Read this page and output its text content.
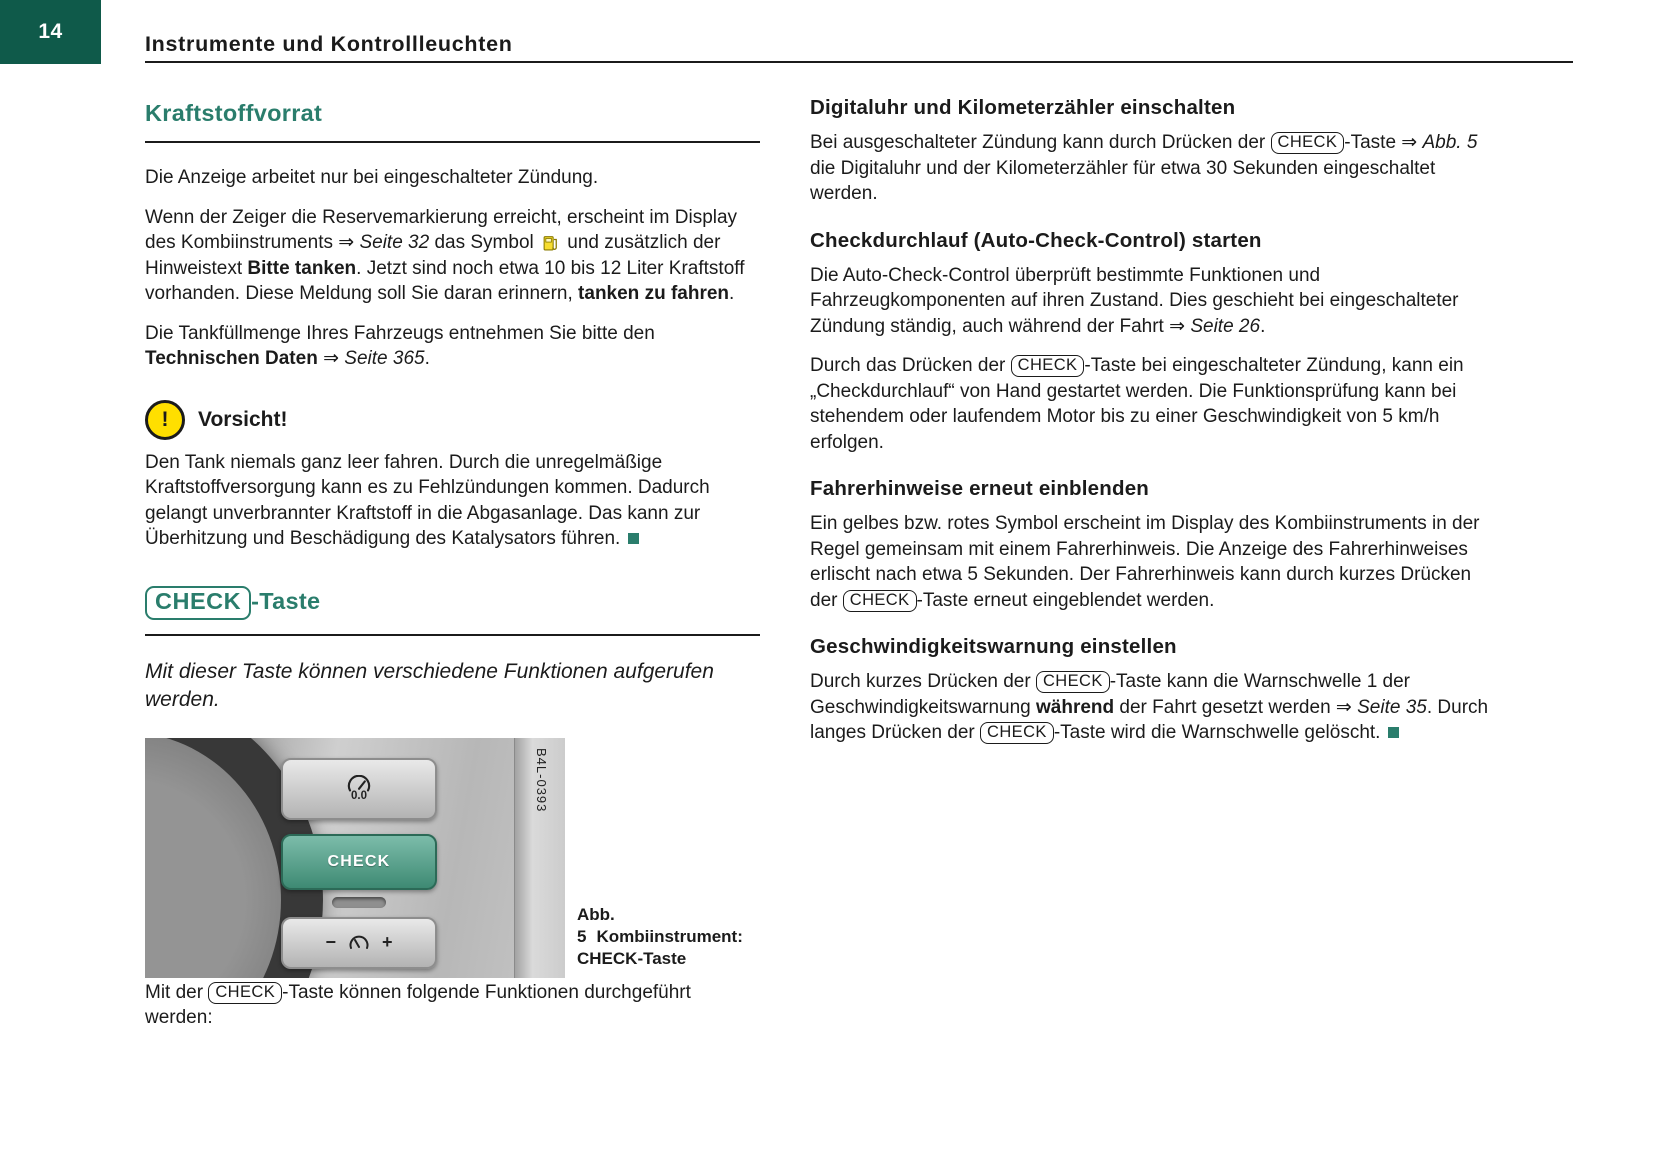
14
Instrumente und Kontrollleuchten
Kraftstoffvorrat

Die Anzeige arbeitet nur bei eingeschalteter Zündung.

Wenn der Zeiger die Reservemarkierung erreicht, erscheint im Display des Kombiinstruments ⇒ Seite 32 das Symbol und zusätzlich der Hinweistext Bitte tanken. Jetzt sind noch etwa 10 bis 12 Liter Kraftstoff vorhanden. Diese Meldung soll Sie daran erinnern, tanken zu fahren.

Die Tankfüllmenge Ihres Fahrzeugs entnehmen Sie bitte den Technischen Daten ⇒ Seite 365.

! Vorsicht!

Den Tank niemals ganz leer fahren. Durch die unregelmäßige Kraftstoffversorgung kann es zu Fehlzündungen kommen. Dadurch gelangt unverbrannter Kraftstoff in die Abgasanlage. Das kann zur Überhitzung und Beschädigung des Katalysators führen.

CHECK -Taste

Mit dieser Taste können verschiedene Funktionen aufgerufen werden.

0.0
CHECK
−	+
B4L-0393
Abb. 5 Kombiinstrument: CHECK-Taste

Mit der CHECK -Taste können folgende Funktionen durchgeführt werden:

Digitaluhr und Kilometerzähler einschalten

Bei ausgeschalteter Zündung kann durch Drücken der CHECK -Taste ⇒ Abb. 5 die Digitaluhr und der Kilometerzähler für etwa 30 Sekunden eingeschaltet werden.

Checkdurchlauf (Auto-Check-Control) starten

Die Auto-Check-Control überprüft bestimmte Funktionen und Fahrzeugkomponenten auf ihren Zustand. Dies geschieht bei eingeschalteter Zündung ständig, auch während der Fahrt ⇒ Seite 26.

Durch das Drücken der CHECK -Taste bei eingeschalteter Zündung, kann ein „Checkdurchlauf“ von Hand gestartet werden. Die Funktionsprüfung kann bei stehendem oder laufendem Motor bis zu einer Geschwindigkeit von 5 km/h erfolgen.

Fahrerhinweise erneut einblenden

Ein gelbes bzw. rotes Symbol erscheint im Display des Kombiinstruments in der Regel gemeinsam mit einem Fahrerhinweis. Die Anzeige des Fahrerhinweises erlischt nach etwa 5 Sekunden. Der Fahrerhinweis kann durch kurzes Drücken der CHECK -Taste erneut eingeblendet werden.

Geschwindigkeitswarnung einstellen

Durch kurzes Drücken der CHECK -Taste kann die Warnschwelle 1 der Geschwindigkeitswarnung während der Fahrt gesetzt werden ⇒ Seite 35. Durch langes Drücken der CHECK -Taste wird die Warnschwelle gelöscht.
